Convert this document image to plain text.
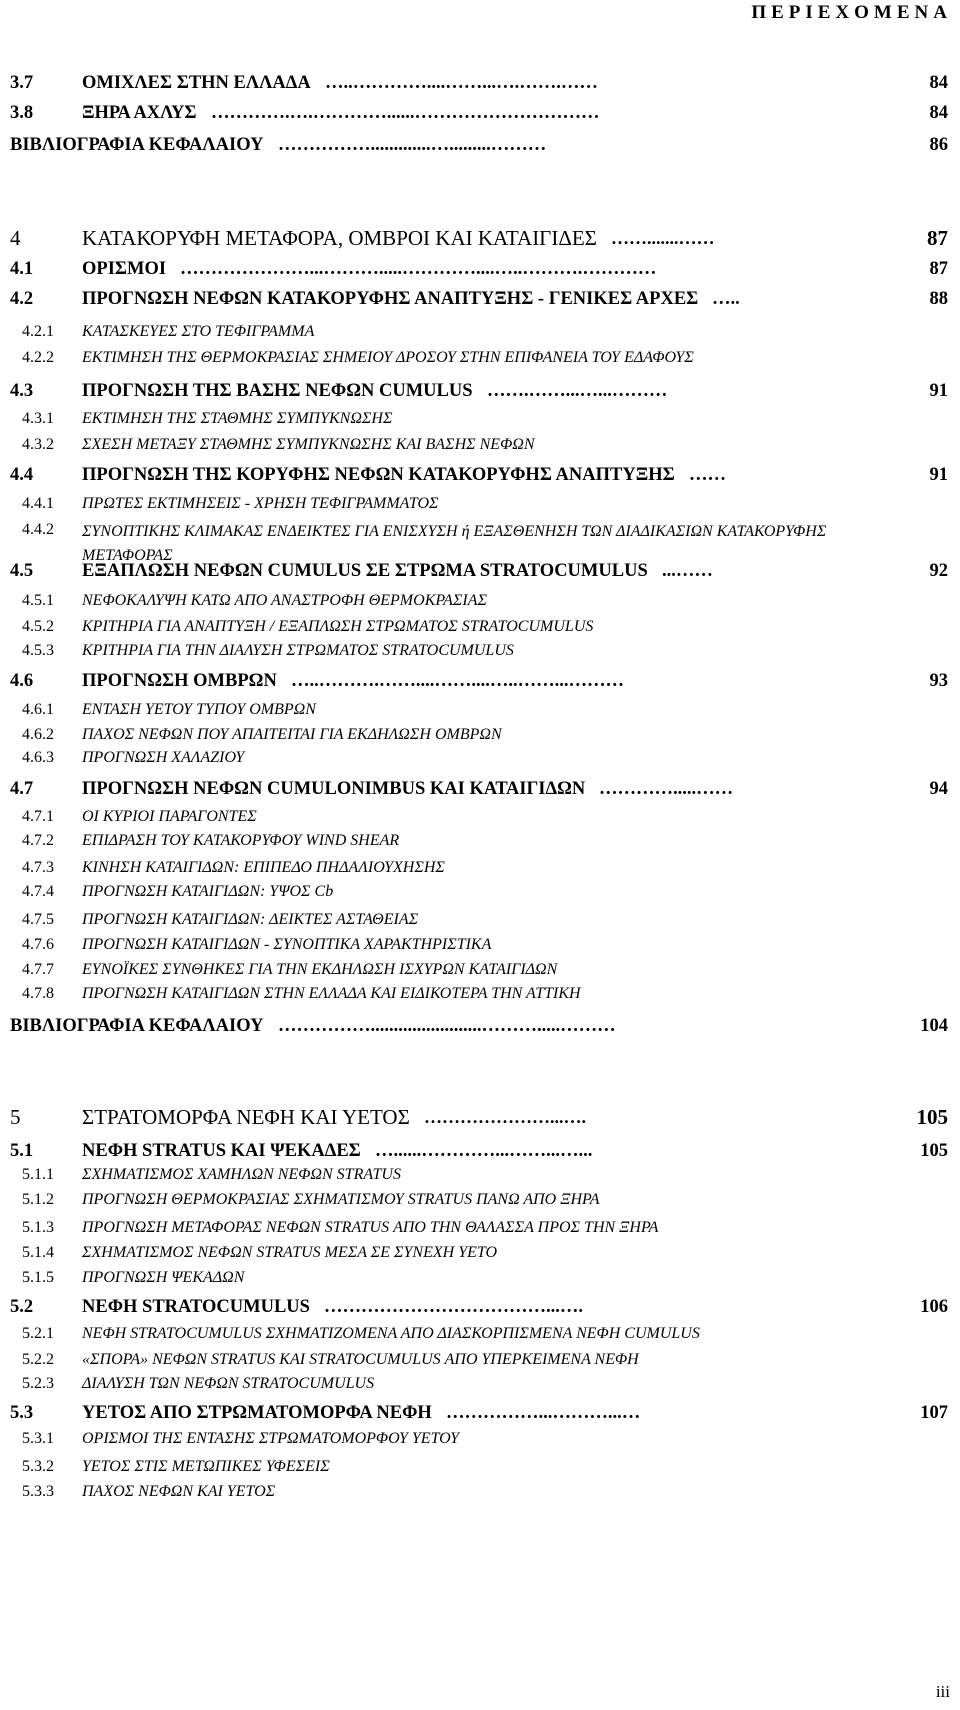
ΠΕΡΙΕΧΟΜΕΝΑ
3.7	ΟΜΙΧΛΕΣ ΣΤΗΝ ΕΛΛΑΔΑ …..…………....……...….…….……	84
3.8	ΞΗΡΑ ΑΧΛΥΣ ………….….…………......…………………………	84
ΒΙΒΛΙΟΓΡΑΦΙΑ ΚΕΦΑΛΑΙΟΥ …………….............….........………	86
4	ΚΑΤΑΚΟΡΥΦΗ ΜΕΤΑΦΟΡΑ, ΟΜΒΡΟΙ ΚΑΙ ΚΑΤΑΙΓΙΔΕΣ …….......……	87
4.1	ΟΡΙΣΜΟΙ …………………...……….....…………....…..……….…………	87
4.2	ΠΡΟΓΝΩΣΗ ΝΕΦΩΝ ΚΑΤΑΚΟΡΥΦΗΣ ΑΝΑΠΤΥΞΗΣ - ΓΕΝΙΚΕΣ ΑΡΧΕΣ …..	88
4.2.1 ΚΑΤΑΣΚΕΥΕΣ ΣΤΟ ΤΕΦΙΓΡΑΜΜΑ
4.2.2 ΕΚΤΙΜΗΣΗ ΤΗΣ ΘΕΡΜΟΚΡΑΣΙΑΣ ΣΗΜΕΙΟΥ ΔΡΟΣΟΥ ΣΤΗΝ ΕΠΙΦΑΝΕΙΑ ΤΟΥ ΕΔΑΦΟΥΣ
4.3	ΠΡΟΓΝΩΣΗ ΤΗΣ ΒΑΣΗΣ ΝΕΦΩΝ CUMULUS …….……...…...………	91
4.3.1 ΕΚΤΙΜΗΣΗ ΤΗΣ ΣΤΑΘΜΗΣ ΣΥΜΠΥΚΝΩΣΗΣ
4.3.2 ΣΧΕΣΗ ΜΕΤΑΞΥ ΣΤΑΘΜΗΣ ΣΥΜΠΥΚΝΩΣΗΣ ΚΑΙ ΒΑΣΗΣ ΝΕΦΩΝ
4.4	ΠΡΟΓΝΩΣΗ ΤΗΣ ΚΟΡΥΦΗΣ ΝΕΦΩΝ ΚΑΤΑΚΟΡΥΦΗΣ ΑΝΑΠΤΥΞΗΣ ……	91
4.4.1 ΠΡΩΤΕΣ ΕΚΤΙΜΗΣΕΙΣ - ΧΡΗΣΗ ΤΕΦΙΓΡΑΜΜΑΤΟΣ
4.4.2 ΣΥΝΟΠΤΙΚΗΣ ΚΛΙΜΑΚΑΣ ΕΝΔΕΙΚΤΕΣ ΓΙΑ ΕΝΙΣΧΥΣΗ ή ΕΞΑΣΘΕΝΗΣΗ ΤΩΝ ΔΙΑΔΙΚΑΣΙΩΝ ΚΑΤΑΚΟΡΥΦΗΣ ΜΕΤΑΦΟΡΑΣ
4.5	ΕΞΑΠΛΩΣΗ ΝΕΦΩΝ CUMULUS ΣΕ ΣΤΡΩΜΑ STRATOCUMULUS ...……	92
4.5.1 ΝΕΦΟΚΑΛΥΨΗ ΚΑΤΩ ΑΠΟ ΑΝΑΣΤΡΟΦΗ ΘΕΡΜΟΚΡΑΣΙΑΣ
4.5.2 ΚΡΙΤΗΡΙΑ ΓΙΑ ΑΝΑΠΤΥΞΗ / ΕΞΑΠΛΩΣΗ ΣΤΡΩΜΑΤΟΣ STRATOCUMULUS
4.5.3 ΚΡΙΤΗΡΙΑ ΓΙΑ ΤΗΝ ΔΙΑΛΥΣΗ ΣΤΡΩΜΑΤΟΣ STRATOCUMULUS
4.6	ΠΡΟΓΝΩΣΗ ΟΜΒΡΩΝ …..……….……....……....…..……...………	93
4.6.1 ΕΝΤΑΣΗ ΥΕΤΟΥ ΤΥΠΟΥ ΟΜΒΡΩΝ
4.6.2 ΠΑΧΟΣ ΝΕΦΩΝ ΠΟΥ ΑΠΑΙΤΕΙΤΑΙ ΓΙΑ ΕΚΔΗΛΩΣΗ ΟΜΒΡΩΝ
4.6.3 ΠΡΟΓΝΩΣΗ ΧΑΛΑΖΙΟΥ
4.7	ΠΡΟΓΝΩΣΗ ΝΕΦΩΝ CUMULONIMBUS ΚΑΙ ΚΑΤΑΙΓΙΔΩΝ ………….....……	94
4.7.1 ΟΙ ΚΥΡΙΟΙ ΠΑΡΑΓΟΝΤΕΣ
4.7.2 ΕΠΙΔΡΑΣΗ ΤΟΥ ΚΑΤΑΚΟΡΥΦΟΥ WIND SHEAR
4.7.3 ΚΙΝΗΣΗ ΚΑΤΑΙΓΙΔΩΝ: ΕΠΙΠΕΔΟ ΠΗΔΑΛΙΟΥΧΗΣΗΣ
4.7.4 ΠΡΟΓΝΩΣΗ ΚΑΤΑΙΓΙΔΩΝ: ΥΨΟΣ Cb
4.7.5 ΠΡΟΓΝΩΣΗ ΚΑΤΑΙΓΙΔΩΝ: ΔΕΙΚΤΕΣ ΑΣΤΑΘΕΙΑΣ
4.7.6 ΠΡΟΓΝΩΣΗ ΚΑΤΑΙΓΙΔΩΝ - ΣΥΝΟΠΤΙΚΑ ΧΑΡΑΚΤΗΡΙΣΤΙΚΑ
4.7.7 ΕΥΝΟΪΚΕΣ ΣΥΝΘΗΚΕΣ ΓΙΑ ΤΗΝ ΕΚΔΗΛΩΣΗ ΙΣΧΥΡΩΝ ΚΑΤΑΙΓΙΔΩΝ
4.7.8 ΠΡΟΓΝΩΣΗ ΚΑΤΑΙΓΙΔΩΝ ΣΤΗΝ ΕΛΛΑΔΑ ΚΑΙ ΕΙΔΙΚΟΤΕΡΑ ΤΗΝ ΑΤΤΙΚΗ
ΒΙΒΛΙΟΓΡΑΦΙΑ ΚΕΦΑΛΑΙΟΥ ……………........................……….....………	104
5	ΣΤΡΑΤΟΜΟΡΦΑ ΝΕΦΗ ΚΑΙ ΥΕΤΟΣ …………………...….	105
5.1	ΝΕΦΗ STRATUS ΚΑΙ ΨΕΚΑΔΕΣ …......…………...……...…...	105
5.1.1 ΣΧΗΜΑΤΙΣΜΟΣ ΧΑΜΗΛΩΝ ΝΕΦΩΝ STRATUS
5.1.2 ΠΡΟΓΝΩΣΗ ΘΕΡΜΟΚΡΑΣΙΑΣ ΣΧΗΜΑΤΙΣΜΟΥ STRATUS ΠΑΝΩ ΑΠΟ ΞΗΡΑ
5.1.3 ΠΡΟΓΝΩΣΗ ΜΕΤΑΦΟΡΑΣ ΝΕΦΩΝ STRATUS ΑΠΟ ΤΗΝ ΘΑΛΑΣΣΑ ΠΡΟΣ ΤΗΝ ΞΗΡΑ
5.1.4 ΣΧΗΜΑΤΙΣΜΟΣ ΝΕΦΩΝ STRATUS ΜΕΣΑ ΣΕ ΣΥΝΕΧΗ ΥΕΤΟ
5.1.5 ΠΡΟΓΝΩΣΗ ΨΕΚΑΔΩΝ
5.2	ΝΕΦΗ STRATOCUMULUS ………………………………...….	106
5.2.1 ΝΕΦΗ STRATOCUMULUS ΣΧΗΜΑΤΙΖΟΜΕΝΑ ΑΠΟ ΔΙΑΣΚΟΡΠΙΣΜΕΝΑ ΝΕΦΗ CUMULUS
5.2.2 «ΣΠΟΡΑ» ΝΕΦΩΝ STRATUS ΚΑΙ STRATOCUMULUS ΑΠΟ ΥΠΕΡΚΕΙΜΕΝΑ ΝΕΦΗ
5.2.3 ΔΙΑΛΥΣΗ ΤΩΝ ΝΕΦΩΝ STRATOCUMULUS
5.3	ΥΕΤΟΣ ΑΠΟ ΣΤΡΩΜΑΤΟΜΟΡΦΑ ΝΕΦΗ ……………...………...…	107
5.3.1 ΟΡΙΣΜΟΙ ΤΗΣ ΕΝΤΑΣΗΣ ΣΤΡΩΜΑΤΟΜΟΡΦΟΥ ΥΕΤΟΥ
5.3.2 ΥΕΤΟΣ ΣΤΙΣ ΜΕΤΩΠΙΚΕΣ ΥΦΕΣΕΙΣ
5.3.3 ΠΑΧΟΣ ΝΕΦΩΝ ΚΑΙ ΥΕΤΟΣ
iii
